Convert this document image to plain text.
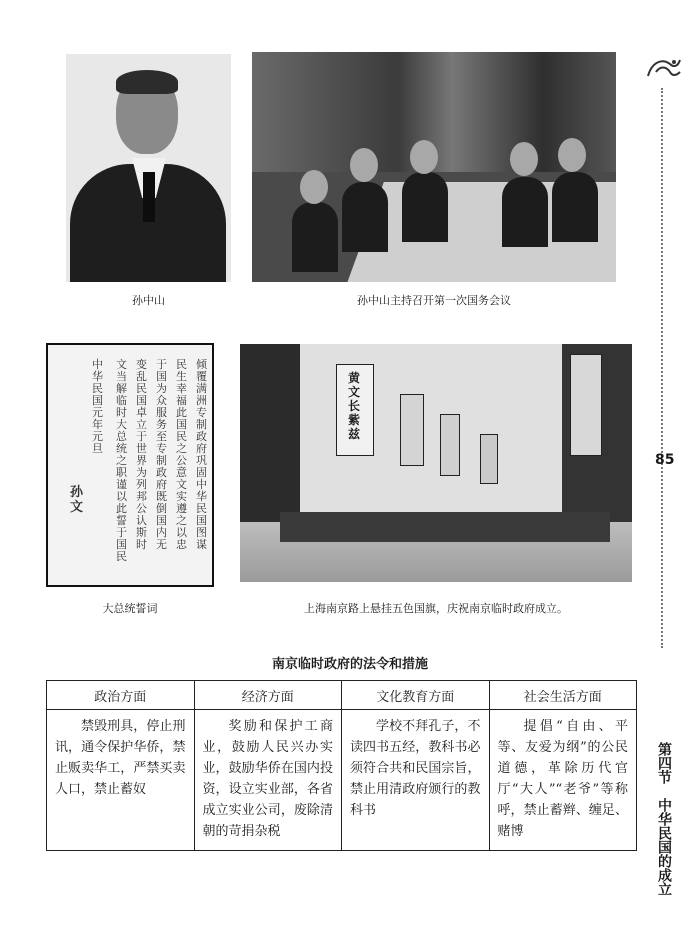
孙中山	孙中山主持召开第一次国务会议
倾覆满洲专制政府巩固中华民国图谋
民生幸福此国民之公意文实遵之以忠
于国为众服务至专制政府既倒国内无
变乱民国卓立于世界为列邦公认斯时
文当解临时大总统之职谨以此誓于国民
中华民国元年元旦
孙文
大总统誓词
黄文长紫兹
上海南京路上悬挂五色国旗，庆祝南京临时政府成立。
85
第四节　中华民国的成立
南京临时政府的法令和措施
政治方面	经济方面	文化教育方面	社会生活方面
禁毁刑具，停止刑讯，通令保护华侨，禁止贩卖华工，严禁买卖人口，禁止蓄奴	奖励和保护工商业，鼓励人民兴办实业，鼓励华侨在国内投资，设立实业部，各省成立实业公司，废除清朝的苛捐杂税	学校不拜孔子，不读四书五经，教科书必须符合共和民国宗旨，禁止用清政府颁行的教科书	提倡“自由、平等、友爱为纲”的公民道德，革除历代官厅“大人”“老爷”等称呼，禁止蓄辫、缠足、赌博
